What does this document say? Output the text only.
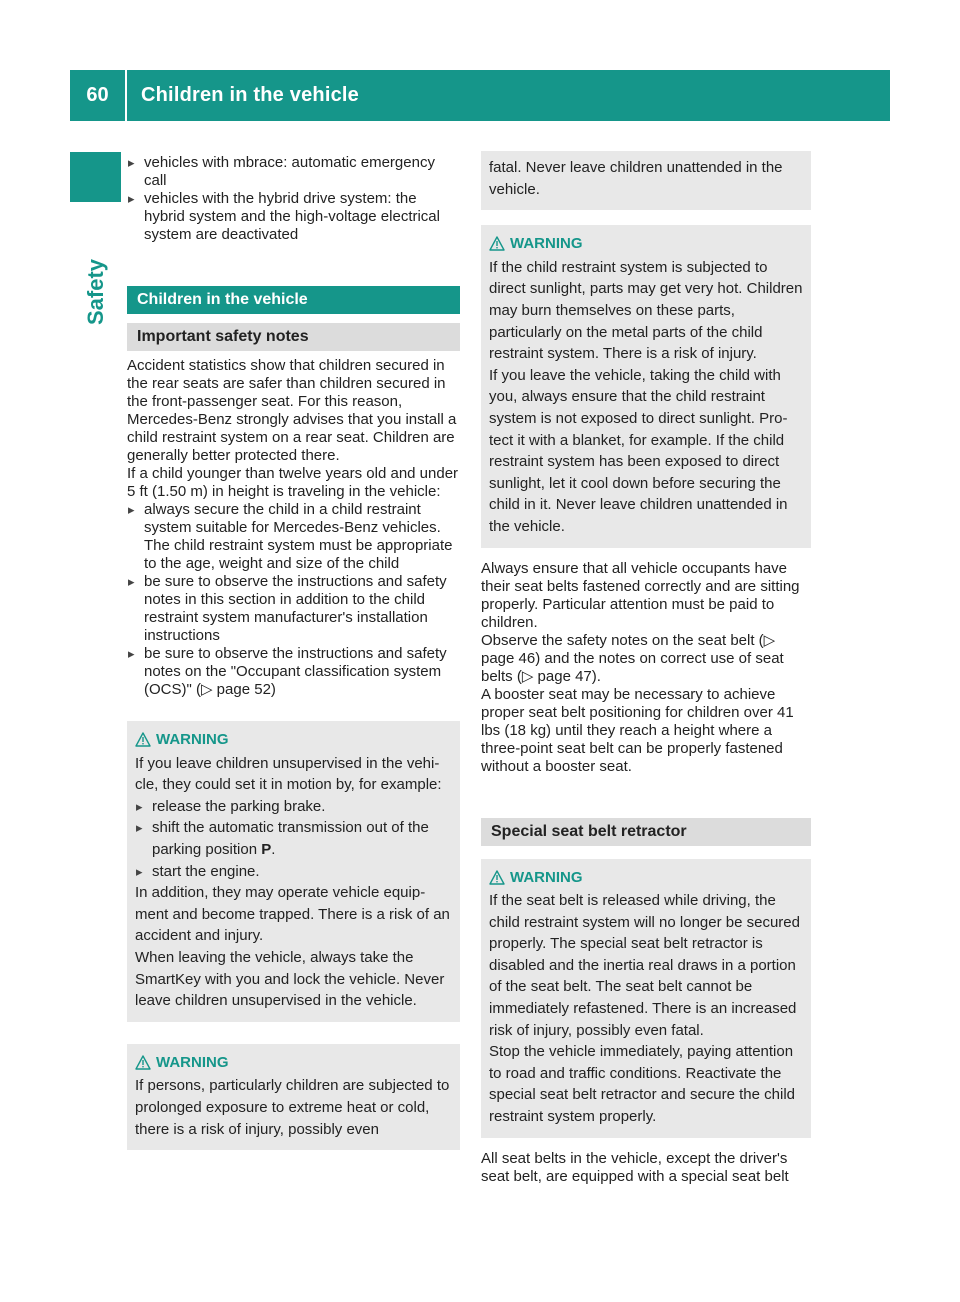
60	Children in the vehicle
Safety
▸ vehicles with mbrace: automatic emergency call
▸ vehicles with the hybrid drive system: the hybrid system and the high-voltage electrical system are deactivated
Children in the vehicle
Important safety notes

Accident statistics show that children secured in the rear seats are safer than children secured in the front-passenger seat. For this reason, Mercedes-Benz strongly advises that you install a child restraint system on a rear seat. Children are generally better protected there.

If a child younger than twelve years old and under 5 ft (1.50 m) in height is traveling in the vehicle:

▸ always secure the child in a child restraint system suitable for Mercedes-Benz vehicles. The child restraint system must be appropriate to the age, weight and size of the child
▸ be sure to observe the instructions and safety notes in this section in addition to the child restraint system manufacturer's installation instructions
▸ be sure to observe the instructions and safety notes on the "Occupant classification system (OCS)" (▷ page 52)
WARNING

If you leave children unsupervised in the vehicle, they could set it in motion by, for example:

▸ release the parking brake.
▸ shift the automatic transmission out of the parking position P.
▸ start the engine.

In addition, they may operate vehicle equipment and become trapped. There is a risk of an accident and injury.

When leaving the vehicle, always take the SmartKey with you and lock the vehicle. Never leave children unsupervised in the vehicle.

WARNING

If persons, particularly children are subjected to prolonged exposure to extreme heat or cold, there is a risk of injury, possibly even

fatal. Never leave children unattended in the vehicle.

WARNING

If the child restraint system is subjected to direct sunlight, parts may get very hot. Children may burn themselves on these parts, particularly on the metal parts of the child restraint system. There is a risk of injury.

If you leave the vehicle, taking the child with you, always ensure that the child restraint system is not exposed to direct sunlight. Protect it with a blanket, for example. If the child restraint system has been exposed to direct sunlight, let it cool down before securing the child in it. Never leave children unattended in the vehicle.

Always ensure that all vehicle occupants have their seat belts fastened correctly and are sitting properly. Particular attention must be paid to children.

Observe the safety notes on the seat belt (▷ page 46) and the notes on correct use of seat belts (▷ page 47).

A booster seat may be necessary to achieve proper seat belt positioning for children over 41 lbs (18 kg) until they reach a height where a three-point seat belt can be properly fastened without a booster seat.

Special seat belt retractor
WARNING

If the seat belt is released while driving, the child restraint system will no longer be secured properly. The special seat belt retractor is disabled and the inertia real draws in a portion of the seat belt. The seat belt cannot be immediately refastened. There is an increased risk of injury, possibly even fatal.

Stop the vehicle immediately, paying attention to road and traffic conditions. Reactivate the special seat belt retractor and secure the child restraint system properly.

All seat belts in the vehicle, except the driver's seat belt, are equipped with a special seat belt
